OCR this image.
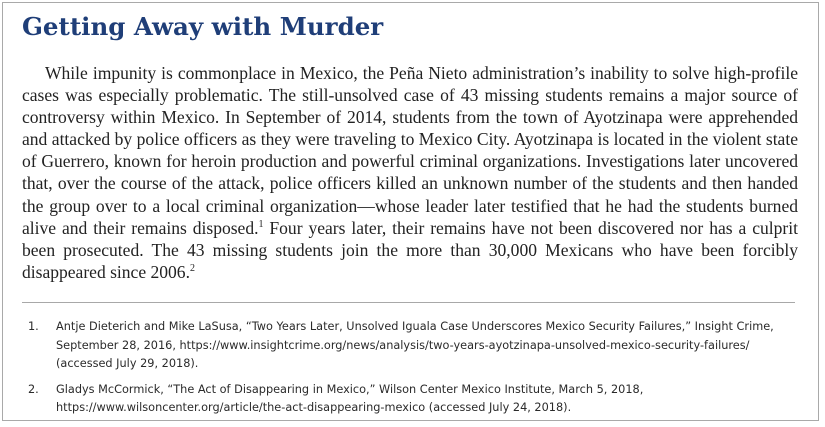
Getting Away with Murder

While impunity is commonplace in Mexico, the Peña Nieto administration’s inability to solve high-profile cases was especially problematic. The still-unsolved case of 43 missing students remains a major source of controversy within Mexico. In September of 2014, students from the town of Ayotzinapa were apprehended and attacked by police officers as they were traveling to Mexico City. Ayotzinapa is located in the violent state of Guerrero, known for heroin production and powerful criminal organizations. Investigations later uncovered that, over the course of the attack, police officers killed an unknown number of the students and then handed the group over to a local criminal organization—whose leader later testified that he had the students burned alive and their remains disposed.$^1$ Four years later, their remains have not been discovered nor has a culprit been prosecuted. The 43 missing students join the more than 30,000 Mexicans who have been forcibly disappeared since 2006.$^2$

1. Antje Dieterich and Mike LaSusa, “Two Years Later, Unsolved Iguala Case Underscores Mexico Security Failures,” Insight Crime, September 28, 2016, https://www.insightcrime.org/news/analysis/two-years-ayotzinapa-unsolved-mexico-security-failures/ (accessed July 29, 2018).
2. Gladys McCormick, “The Act of Disappearing in Mexico,” Wilson Center Mexico Institute, March 5, 2018, https://www.wilsoncenter.org/article/the-act-disappearing-mexico (accessed July 24, 2018).
